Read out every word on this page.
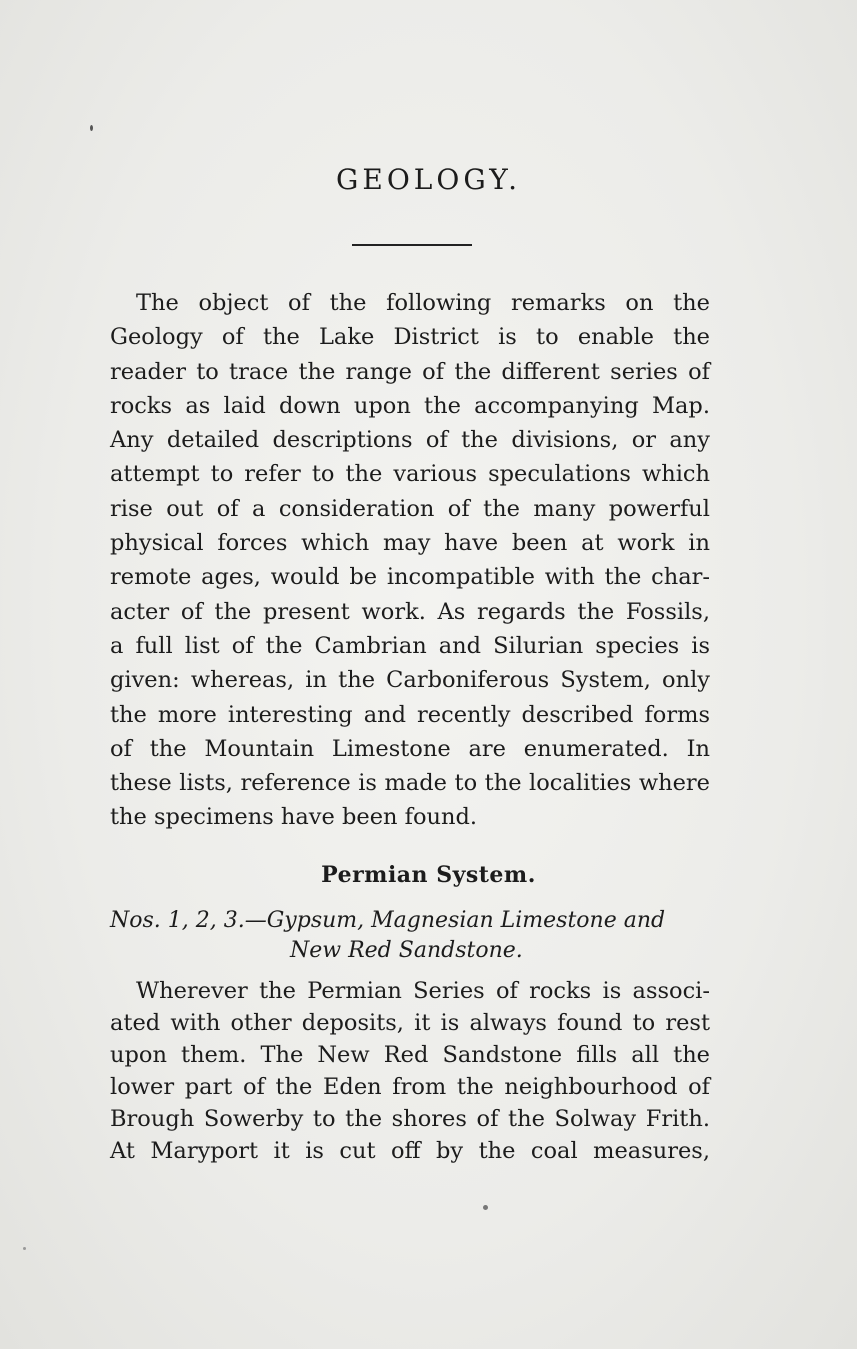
GEOLOGY.
The object of the following remarks on the
Geology of the Lake District is to enable the
reader to trace the range of the different series of
rocks as laid down upon the accompanying Map.
Any detailed descriptions of the divisions, or any
attempt to refer to the various speculations which
rise out of a consideration of the many powerful
physical forces which may have been at work in
remote ages, would be incompatible with the char-
acter of the present work. As regards the Fossils,
a full list of the Cambrian and Silurian species is
given: whereas, in the Carboniferous System, only
the more interesting and recently described forms
of the Mountain Limestone are enumerated. In
these lists, reference is made to the localities where
the specimens have been found.
Permian System.
Nos. 1, 2, 3.—Gypsum, Magnesian Limestone and
New Red Sandstone.
Wherever the Permian Series of rocks is associ-
ated with other deposits, it is always found to rest
upon them. The New Red Sandstone fills all the
lower part of the Eden from the neighbourhood of
Brough Sowerby to the shores of the Solway Frith.
At Maryport it is cut off by the coal measures,
